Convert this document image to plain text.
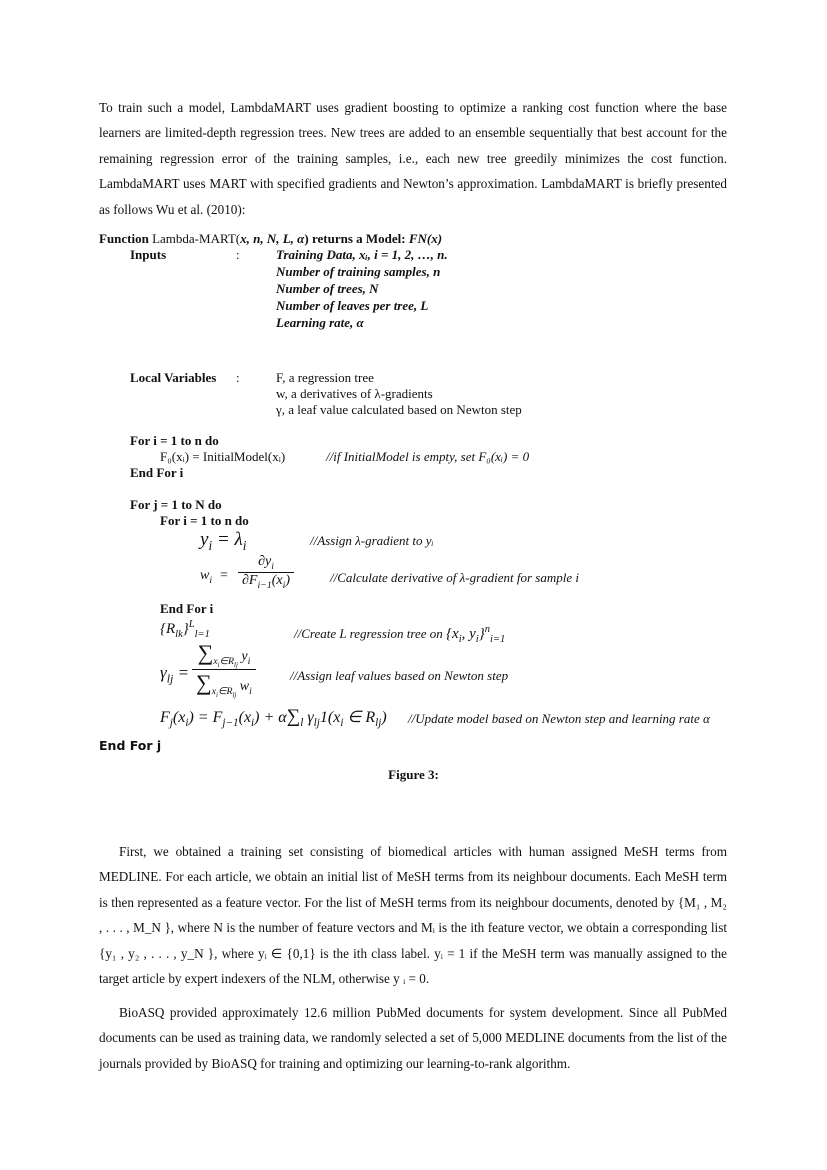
To train such a model, LambdaMART uses gradient boosting to optimize a ranking cost function where the base learners are limited-depth regression trees. New trees are added to an ensemble sequentially that best account for the remaining regression error of the training samples, i.e., each new tree greedily minimizes the cost function. LambdaMART uses MART with specified gradients and Newton’s approximation. LambdaMART is briefly presented as follows Wu et al. (2010):

Function Lambda-MART(x, n, N, L, α) returns a Model: FN(x)
Inputs	:	Training Data, xᵢ, i = 1, 2, …, n.
Number of training samples, n
Number of trees, N
Number of leaves per tree, L
Learning rate, α
Local Variables :	F, a regression tree
w, a derivatives of λ-gradients
γ, a leaf value calculated based on Newton step
For i = 1 to n do
F₀(xᵢ) = InitialModel(xᵢ)	//if InitialModel is empty, set F₀(xᵢ) = 0
End For i
For j = 1 to N do
For i = 1 to n do
$y_i = \lambda_i$	//Assign λ-gradient to yᵢ
$w_i = \frac{\partial y_i}{\partial F_{i-1}(x_i)}$	//Calculate derivative of λ-gradient for sample i
End For i
$\{R_{lk}\}^L_{l=1}$	//Create L regression tree on {$x_i$, $y_i\}^n_{i=1}$
$\gamma_{lj}$ =
$\sum_{x_i\in R_{lj}}$ $y_i$
$\sum_{x_i\in R_{lj}}$ $w_i$
//Assign leaf values based on Newton step
$F_j(x_i) = F_{j-1}(x_i) + \alpha\sum_l$ $\gamma_{lj}1(x_i$ ∈ $R_{lj}$) //Update model based on Newton step and learning rate α
End For j
Figure 3:

First, we obtained a training set consisting of biomedical articles with human assigned MeSH terms from MEDLINE. For each article, we obtain an initial list of MeSH terms from its neighbour documents. Each MeSH term is then represented as a feature vector. For the list of MeSH terms from its neighbour documents, denoted by {M₁ , M₂ , . . . , M_N }, where N is the number of feature vectors and Mᵢ is the ith feature vector, we obtain a corresponding list {y₁ , y₂ , . . . , y_N }, where yᵢ ∈ {0,1} is the ith class label. yᵢ = 1 if the MeSH term was manually assigned to the target article by expert indexers of the NLM, otherwise y ᵢ = 0.

BioASQ provided approximately 12.6 million PubMed documents for system development. Since all PubMed documents can be used as training data, we randomly selected a set of 5,000 MEDLINE documents from the list of the journals provided by BioASQ for training and optimizing our learning-to-rank algorithm.
